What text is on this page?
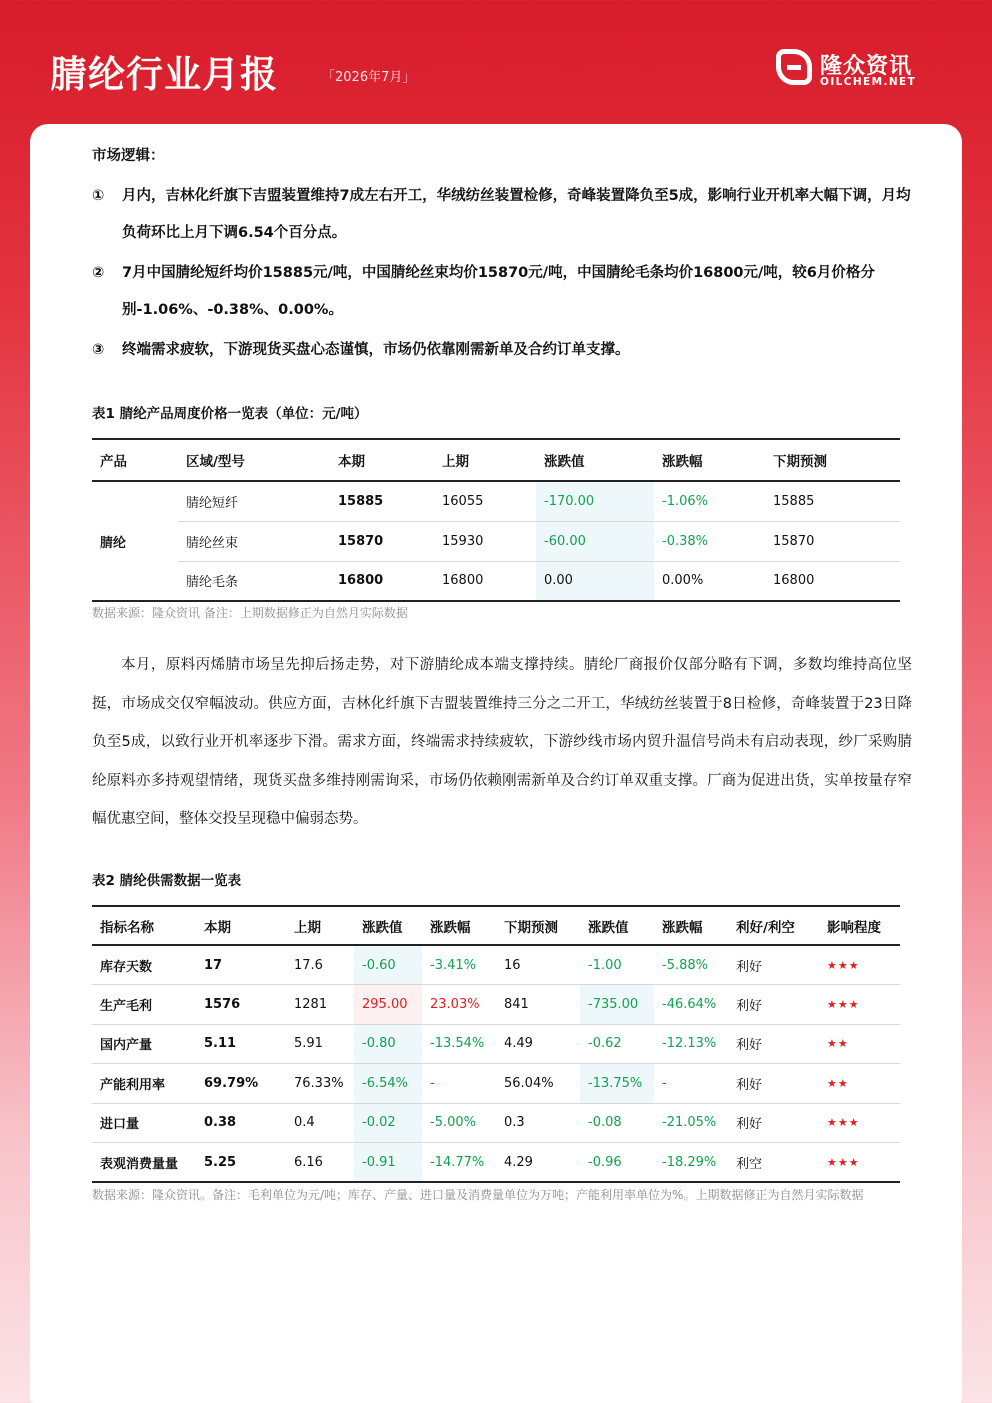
腈纶行业月报	「2026年7月」	隆众资讯
OILCHEM.NET
市场逻辑：
①	月内，吉林化纤旗下吉盟装置维持7成左右开工，华绒纺丝装置检修，奇峰装置降负至5成，影响行业开机率大幅下调，月均负荷环比上月下调6.54个百分点。
②	7月中国腈纶短纤均价15885元/吨，中国腈纶丝束均价15870元/吨，中国腈纶毛条均价16800元/吨，较6月价格分别-1.06%、-0.38%、0.00%。
③	终端需求疲软，下游现货买盘心态谨慎，市场仍依靠刚需新单及合约订单支撑。
表1 腈纶产品周度价格一览表（单位：元/吨）
产品	区域/型号	本期	上期	涨跌值	涨跌幅	下期预测
腈纶	腈纶短纤	15885	16055	-170.00	-1.06%	15885
	腈纶丝束	15870	15930	-60.00	-0.38%	15870
	腈纶毛条	16800	16800	0.00	0.00%	16800
数据来源：隆众资讯 备注：上期数据修正为自然月实际数据
本月，原料丙烯腈市场呈先抑后扬走势，对下游腈纶成本端支撑持续。腈纶厂商报价仅部分略有下调，多数均维持高位坚挺，市场成交仅窄幅波动。供应方面，吉林化纤旗下吉盟装置维持三分之二开工，华绒纺丝装置于8日检修，奇峰装置于23日降负至5成，以致行业开机率逐步下滑。需求方面，终端需求持续疲软，下游纱线市场内贸升温信号尚未有启动表现，纱厂采购腈纶原料亦多持观望情绪，现货买盘多维持刚需询采，市场仍依赖刚需新单及合约订单双重支撑。厂商为促进出货，实单按量存窄幅优惠空间，整体交投呈现稳中偏弱态势。
表2 腈纶供需数据一览表
指标名称	本期	上期	涨跌值	涨跌幅	下期预测	涨跌值	涨跌幅	利好/利空	影响程度
库存天数	17	17.6	-0.60	-3.41%	16	-1.00	-5.88%	利好	★★★
生产毛利	1576	1281	295.00	23.03%	841	-735.00	-46.64%	利好	★★★
国内产量	5.11	5.91	-0.80	-13.54%	4.49	-0.62	-12.13%	利好	★★
产能利用率	69.79%	76.33%	-6.54%	-	56.04%	-13.75%	-	利好	★★
进口量	0.38	0.4	-0.02	-5.00%	0.3	-0.08	-21.05%	利好	★★★
表观消费量量	5.25	6.16	-0.91	-14.77%	4.29	-0.96	-18.29%	利空	★★★
数据来源：隆众资讯。备注：毛利单位为元/吨；库存、产量、进口量及消费量单位为万吨；产能利用率单位为%。上期数据修正为自然月实际数据
